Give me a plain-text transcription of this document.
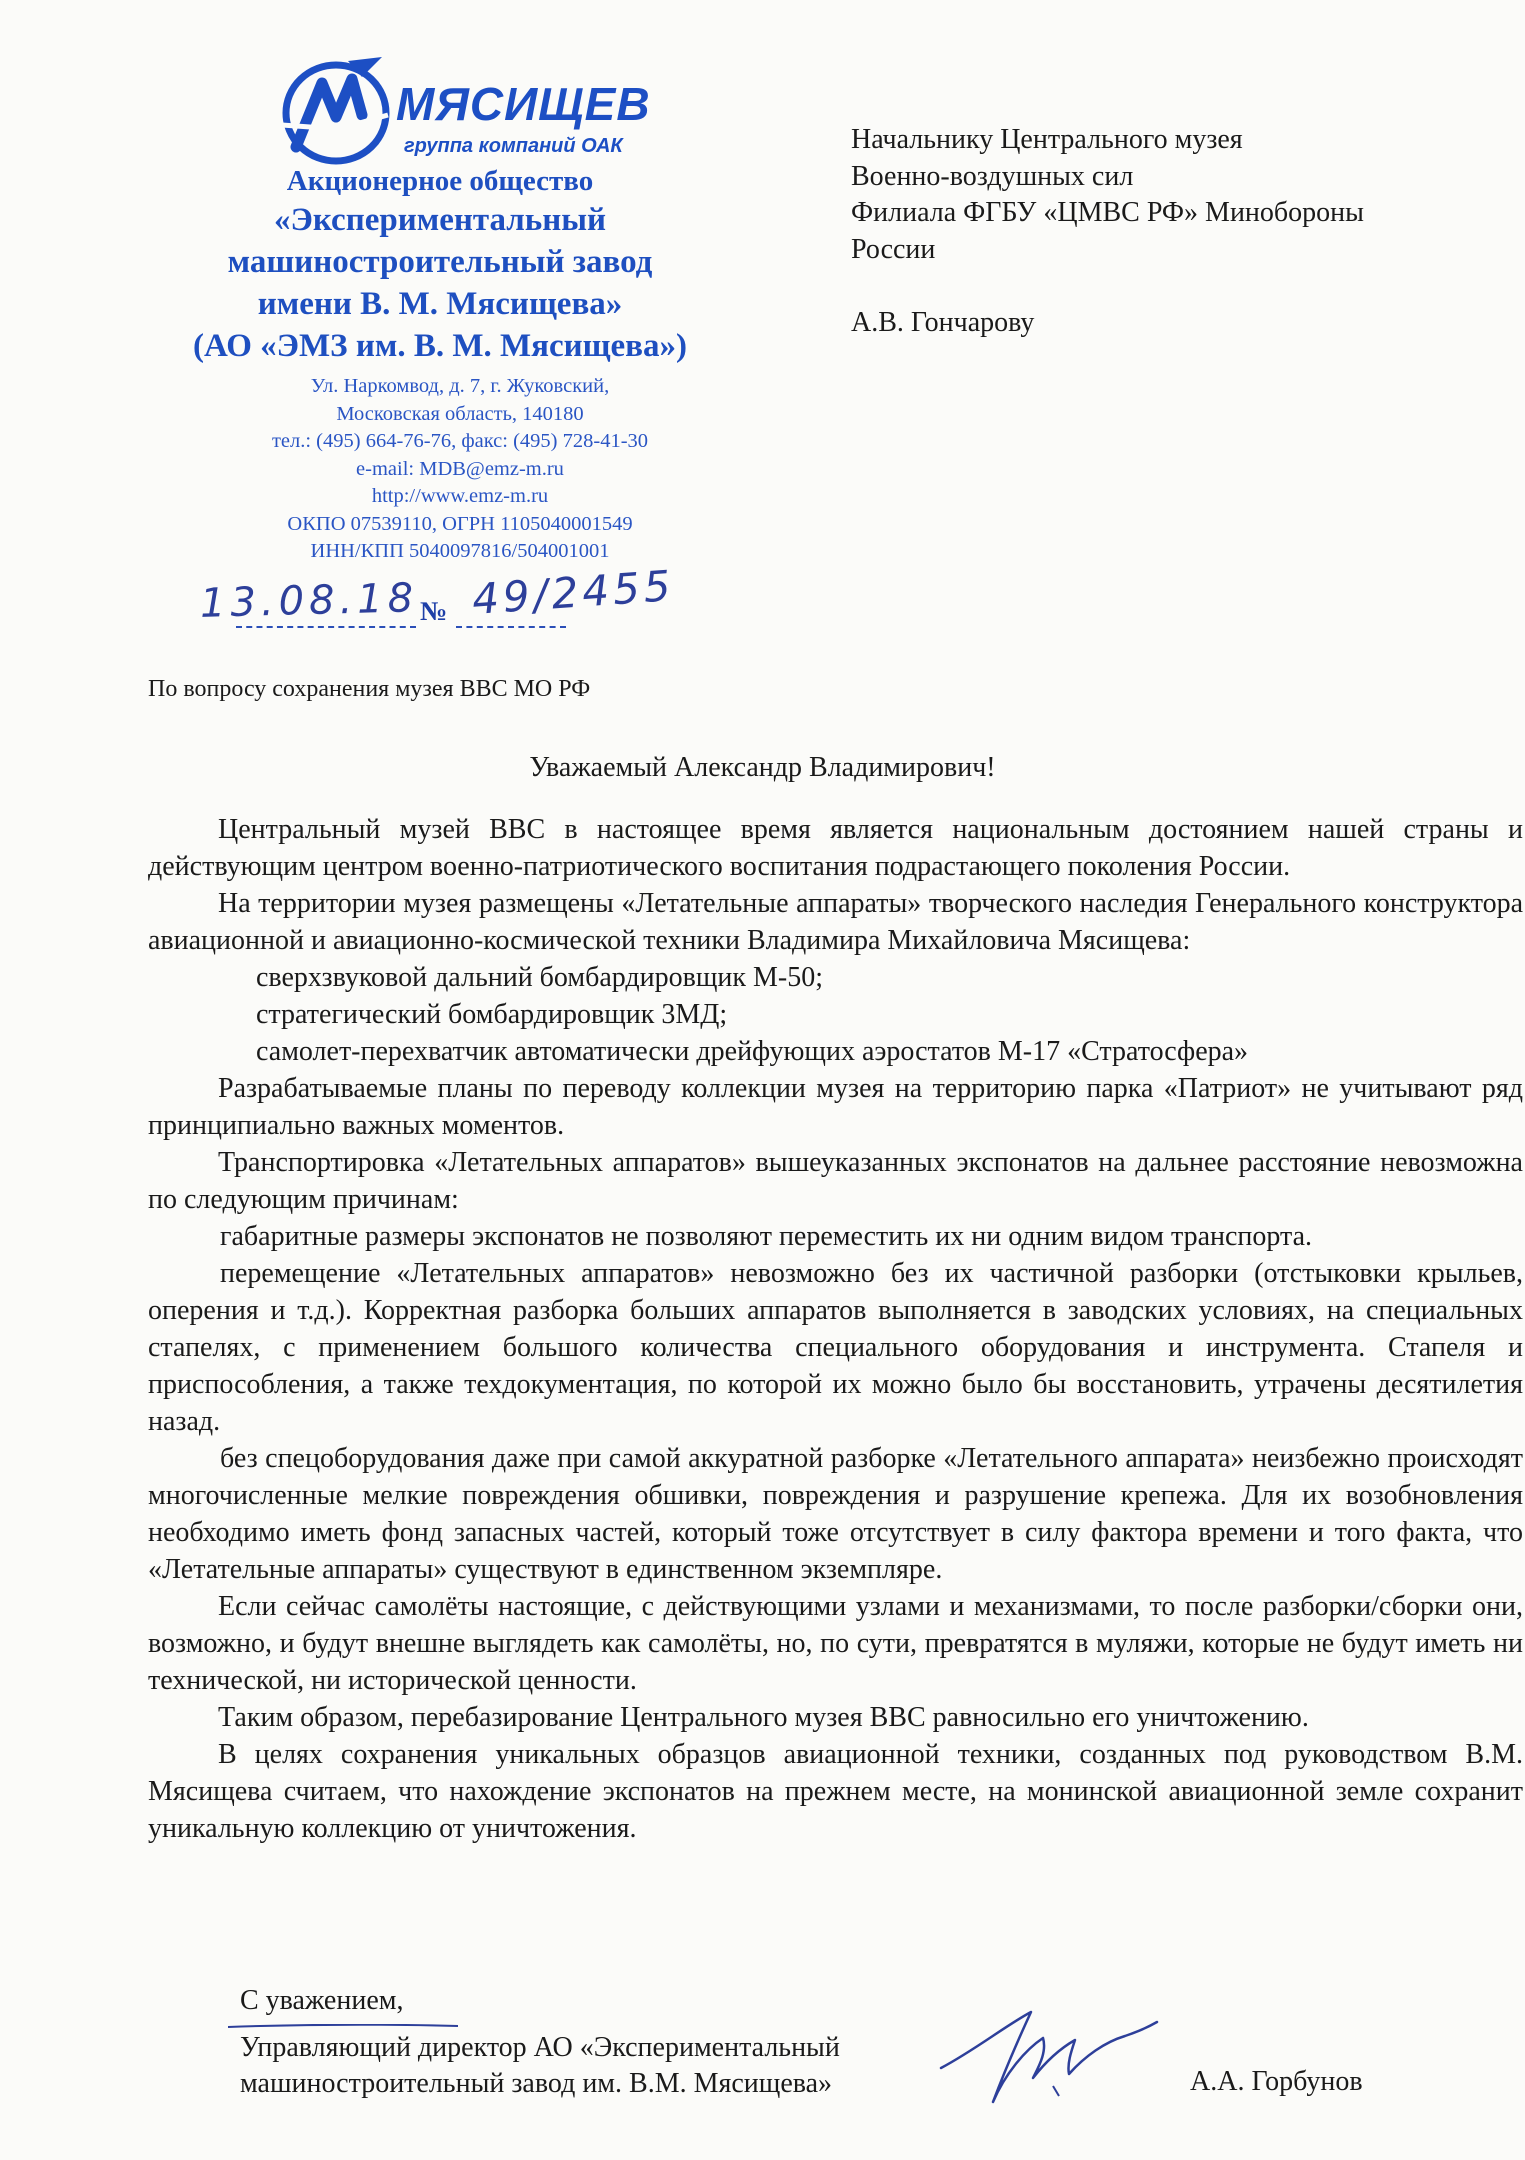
МЯСИЩЕВ
группа компаний ОАК
Акционерное общество
«Экспериментальный
машиностроительный завод
имени В. М. Мясищева»
(АО «ЭМЗ им. В. М. Мясищева»)
Ул. Наркомвод, д. 7, г. Жуковский,
Московская область, 140180
тел.: (495) 664-76-76, факс: (495) 728-41-30
e-mail: MDB@emz-m.ru
http://www.emz-m.ru
ОКПО 07539110, ОГРН 1105040001549
ИНН/КПП 5040097816/504001001
13.08.18 № 49/2455
Начальнику Центрального музея
Военно-воздушных сил
Филиала ФГБУ «ЦМВС РФ» Минобороны
России
А.В. Гончарову
По вопросу сохранения музея ВВС МО РФ
Уважаемый Александр Владимирович!

Центральный музей ВВС в настоящее время является национальным достоянием нашей страны и действующим центром военно-патриотического воспитания подрастающего поколения России.

На территории музея размещены «Летательные аппараты» творческого наследия Генерального конструктора авиационной и авиационно-космической техники Владимира Михайловича Мясищева:

сверхзвуковой дальний бомбардировщик М-50;

стратегический бомбардировщик 3МД;

самолет-перехватчик автоматически дрейфующих аэростатов М-17 «Стратосфера»

Разрабатываемые планы по переводу коллекции музея на территорию парка «Патриот» не учитывают ряд принципиально важных моментов.

Транспортировка «Летательных аппаратов» вышеуказанных экспонатов на дальнее расстояние невозможна по следующим причинам:

габаритные размеры экспонатов не позволяют переместить их ни одним видом транспорта.

перемещение «Летательных аппаратов» невозможно без их частичной разборки (отстыковки крыльев, оперения и т.д.). Корректная разборка больших аппаратов выполняется в заводских условиях, на специальных стапелях, с применением большого количества специального оборудования и инструмента. Стапеля и приспособления, а также техдокументация, по которой их можно было бы восстановить, утрачены десятилетия назад.

без спецоборудования даже при самой аккуратной разборке «Летательного аппарата» неизбежно происходят многочисленные мелкие повреждения обшивки, повреждения и разрушение крепежа. Для их возобновления необходимо иметь фонд запасных частей, который тоже отсутствует в силу фактора времени и того факта, что «Летательные аппараты» существуют в единственном экземпляре.

Если сейчас самолёты настоящие, с действующими узлами и механизмами, то после разборки/сборки они, возможно, и будут внешне выглядеть как самолёты, но, по сути, превратятся в муляжи, которые не будут иметь ни технической, ни исторической ценности.

Таким образом, перебазирование Центрального музея ВВС равносильно его уничтожению.

В целях сохранения уникальных образцов авиационной техники, созданных под руководством В.М. Мясищева считаем, что нахождение экспонатов на прежнем месте, на монинской авиационной земле сохранит уникальную коллекцию от уничтожения.

С уважением,
Управляющий директор АО «Экспериментальный
машиностроительный завод им. В.М. Мясищева»	А.А. Горбунов
